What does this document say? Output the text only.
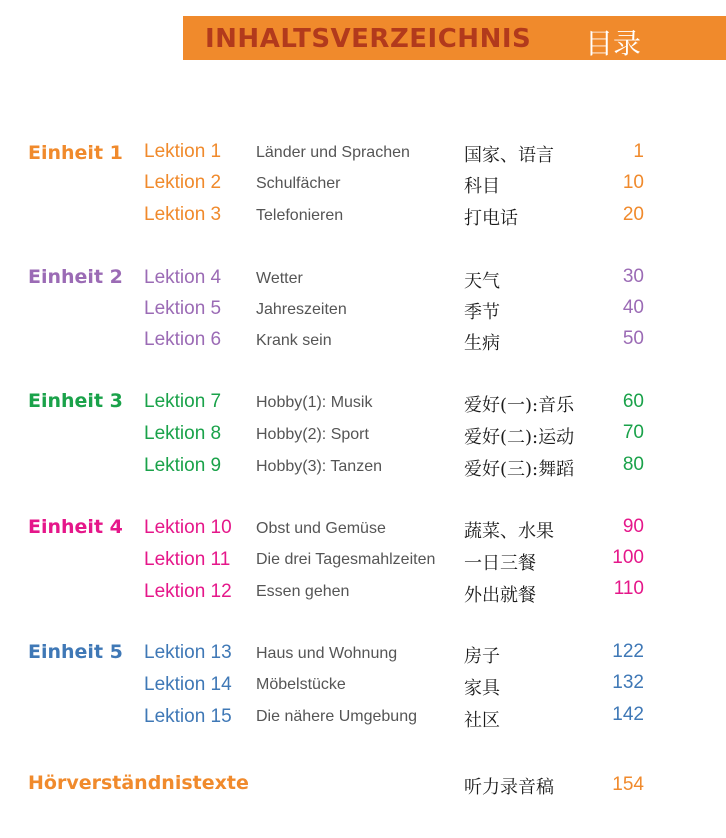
INHALTSVERZEICHNIS 目录
Einheit 1 Lektion 1 Länder und Sprachen	国家、语言	1
Lektion 2 Schulfächer	科目	10
Lektion 3 Telefonieren	打电话	20
Einheit 2 Lektion 4 Wetter	天气	30
Lektion 5 Jahreszeiten	季节	40
Lektion 6 Krank sein	生病	50
Einheit 3 Lektion 7 Hobby(1): Musik	爱好(一):音乐	60
Lektion 8 Hobby(2): Sport	爱好(二):运动	70
Lektion 9 Hobby(3): Tanzen	爱好(三):舞蹈	80
Einheit 4 Lektion 10 Obst und Gemüse	蔬菜、水果	90
Lektion 11 Die drei Tagesmahlzeiten 一日三餐	100
Lektion 12 Essen gehen	外出就餐	110
Einheit 5 Lektion 13 Haus und Wohnung	房子	122
Lektion 14 Möbelstücke	家具	132
Lektion 15 Die nähere Umgebung	社区	142
Hörverständnistexte	听力录音稿	154
